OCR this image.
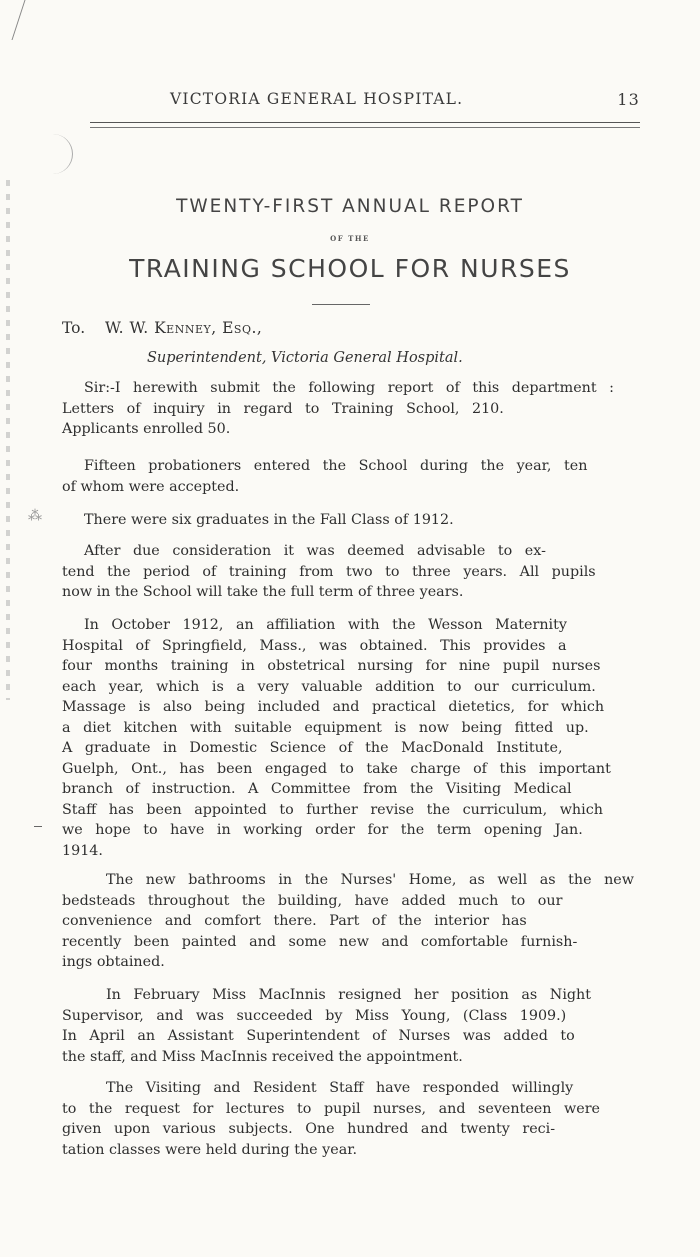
VICTORIA GENERAL HOSPITAL.	13
TWENTY-FIRST ANNUAL REPORT
OF THE
TRAINING SCHOOL FOR NURSES
To. W. W. Kenney, Esq.,
Superintendent, Victoria General Hospital.
Sir:-I herewith submit the following report of this department :
Letters of inquiry in regard to Training School, 210.
Applicants enrolled 50.
Fifteen probationers entered the School during the year, ten
of whom were accepted.
⁂	There were six graduates in the Fall Class of 1912.
After due consideration it was deemed advisable to ex-
tend the period of training from two to three years. All pupils
now in the School will take the full term of three years.
In October 1912, an affiliation with the Wesson Maternity
Hospital of Springfield, Mass., was obtained. This provides a
four months training in obstetrical nursing for nine pupil nurses
each year, which is a very valuable addition to our curriculum.
Massage is also being included and practical dietetics, for which
a diet kitchen with suitable equipment is now being fitted up.
A graduate in Domestic Science of the MacDonald Institute,
Guelph, Ont., has been engaged to take charge of this important
branch of instruction. A Committee from the Visiting Medical
Staff has been appointed to further revise the curriculum, which
we hope to have in working order for the term opening Jan.
1914.
The new bathrooms in the Nurses' Home, as well as the new
bedsteads throughout the building, have added much to our
convenience and comfort there. Part of the interior has
recently been painted and some new and comfortable furnish-
ings obtained.
In February Miss MacInnis resigned her position as Night
Supervisor, and was succeeded by Miss Young, (Class 1909.)
In April an Assistant Superintendent of Nurses was added to
the staff, and Miss MacInnis received the appointment.
The Visiting and Resident Staff have responded willingly
to the request for lectures to pupil nurses, and seventeen were
given upon various subjects. One hundred and twenty reci-
tation classes were held during the year.
